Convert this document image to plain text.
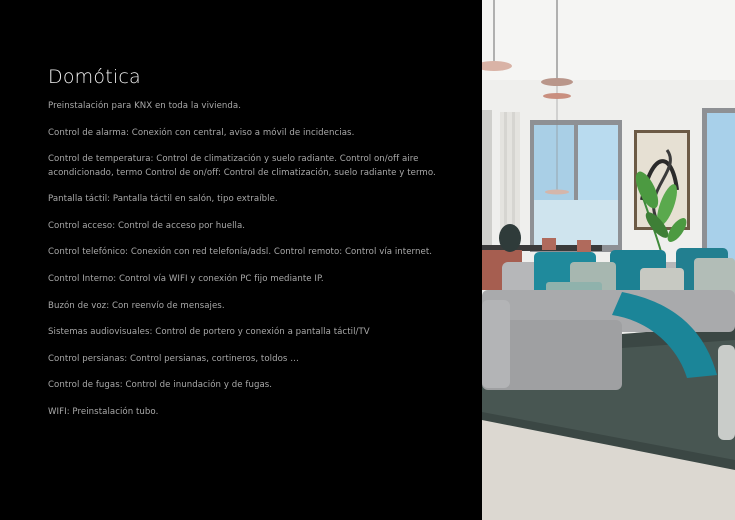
Domótica

Preinstalación para KNX en toda la vivienda.

Control de alarma: Conexión con central, aviso a móvil de incidencias.

Control de temperatura: Control de climatización y suelo radiante. Control on/off aire acondicionado, termo Control de on/off: Control de climatización, suelo radiante y termo.

Pantalla táctil: Pantalla táctil en salón, tipo extraíble.

Control acceso: Control de acceso por huella.

Control telefónico: Conexión con red telefonía/adsl. Control remoto: Control vía internet.

Control Interno: Control vía WIFI y conexión PC fijo mediante IP.

Buzón de voz: Con reenvío de mensajes.

Sistemas audiovisuales: Control de portero y conexión a pantalla táctil/TV

Control persianas: Control persianas, cortineros, toldos …

Control de fugas: Control de inundación y de fugas.

WIFI: Preinstalación tubo.
